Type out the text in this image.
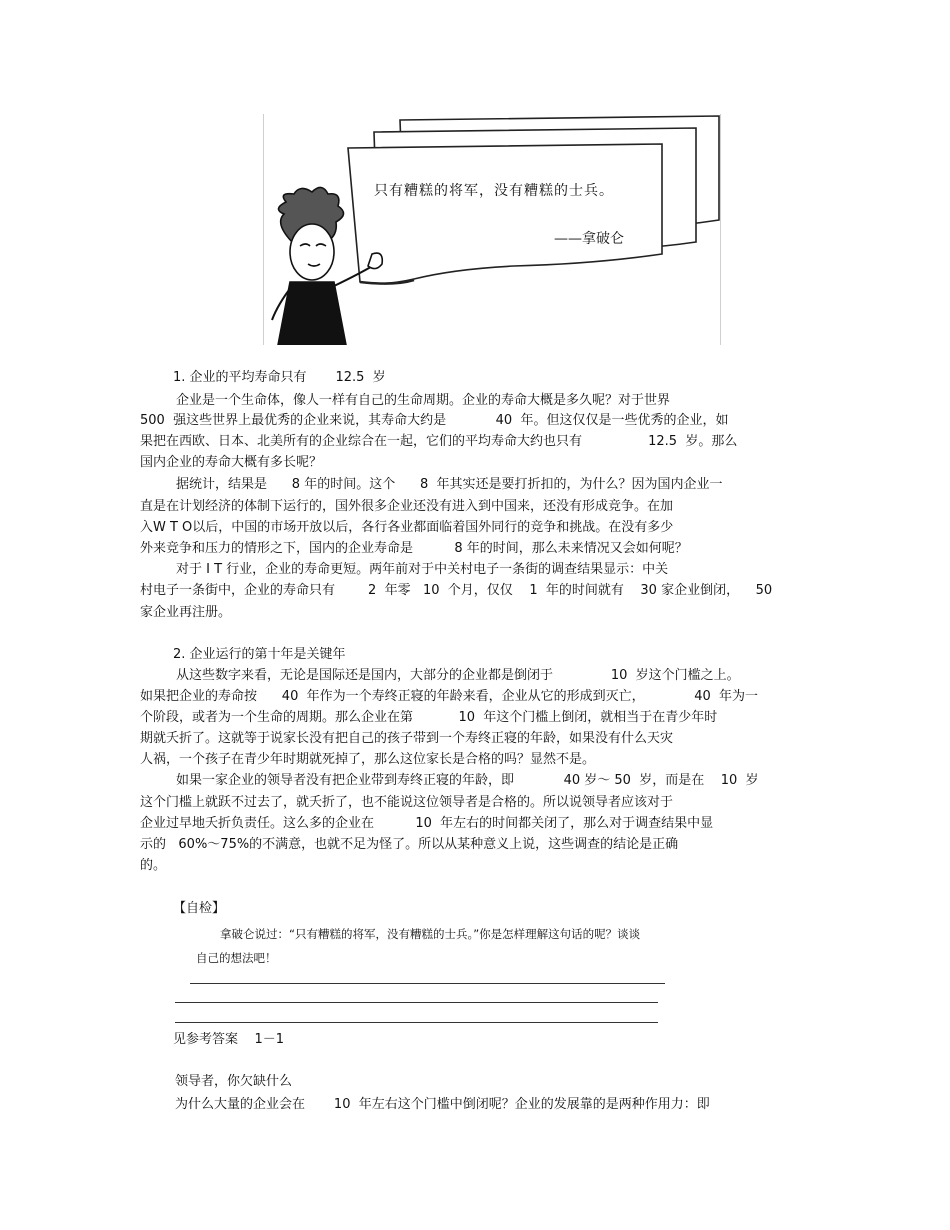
只有糟糕的将军，没有糟糕的士兵。
——拿破仑
1. 企业的平均寿命只有       12.5  岁
企业是一个生命体，像人一样有自己的生命周期。企业的寿命大概是多久呢？对于世界
500  强这些世界上最优秀的企业来说，其寿命大约是            40  年。但这仅仅是一些优秀的企业，如
果把在西欧、日本、北美所有的企业综合在一起，它们的平均寿命大约也只有                12.5  岁。那么
国内企业的寿命大概有多长呢？
据统计，结果是      8 年的时间。这个      8  年其实还是要打折扣的，为什么？因为国内企业一
直是在计划经济的体制下运行的，国外很多企业还没有进入到中国来，还没有形成竞争。在加
入W T O以后，中国的市场开放以后，各行各业都面临着国外同行的竞争和挑战。在没有多少
外来竞争和压力的情形之下，国内的企业寿命是          8 年的时间，那么未来情况又会如何呢？
对于 I T 行业，企业的寿命更短。两年前对于中关村电子一条街的调查结果显示：中关
村电子一条街中，企业的寿命只有        2  年零   10  个月，仅仅    1  年的时间就有    30 家企业倒闭，    50
家企业再注册。
2. 企业运行的第十年是关键年
从这些数字来看，无论是国际还是国内，大部分的企业都是倒闭于              10  岁这个门槛之上。
如果把企业的寿命按      40  年作为一个寿终正寝的年龄来看，企业从它的形成到灭亡，            40  年为一
个阶段，或者为一个生命的周期。那么企业在第           10  年这个门槛上倒闭，就相当于在青少年时
期就夭折了。这就等于说家长没有把自己的孩子带到一个寿终正寝的年龄，如果没有什么天灾
人祸，一个孩子在青少年时期就死掉了，那么这位家长是合格的吗？显然不是。
如果一家企业的领导者没有把企业带到寿终正寝的年龄，即            40 岁～ 50  岁，而是在    10  岁
这个门槛上就跃不过去了，就夭折了，也不能说这位领导者是合格的。所以说领导者应该对于
企业过早地夭折负责任。这么多的企业在          10  年左右的时间都关闭了，那么对于调查结果中显
示的   60%～75%的不满意，也就不足为怪了。所以从某种意义上说，这些调查的结论是正确
的。
【自检】
拿破仑说过：“只有糟糕的将军，没有糟糕的士兵。”你是怎样理解这句话的呢？谈谈
自己的想法吧！
见参考答案    1－1
领导者，你欠缺什么
为什么大量的企业会在       10  年左右这个门槛中倒闭呢？企业的发展靠的是两种作用力：即
